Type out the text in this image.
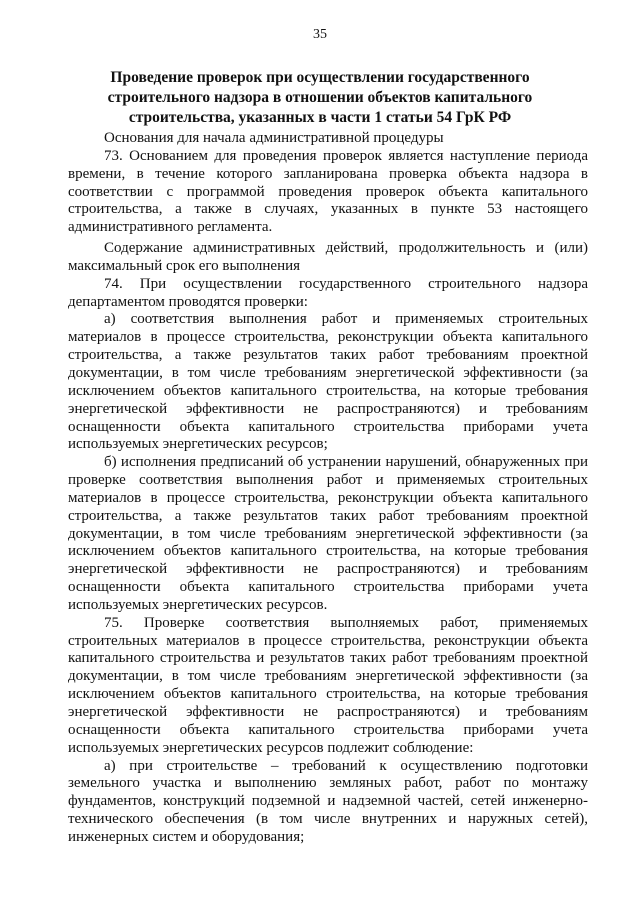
35
Проведение проверок при осуществлении государственного строительного надзора в отношении объектов капитального строительства, указанных в части 1 статьи 54 ГрК РФ

Основания для начала административной процедуры

73. Основанием для проведения проверок является наступление периода времени, в течение которого запланирована проверка объекта надзора в соответствии с программой проведения проверок объекта капитального строительства, а также в случаях, указанных в пункте 53 настоящего административного регламента.

Содержание административных действий, продолжительность и (или) максимальный срок его выполнения

74. При осуществлении государственного строительного надзора департаментом проводятся проверки:

а) соответствия выполнения работ и применяемых строительных материалов в процессе строительства, реконструкции объекта капитального строительства, а также результатов таких работ требованиям проектной документации, в том числе требованиям энергетической эффективности (за исключением объектов капитального строительства, на которые требования энергетической эффективности не распространяются) и требованиям оснащенности объекта капитального строительства приборами учета используемых энергетических ресурсов;

б) исполнения предписаний об устранении нарушений, обнаруженных при проверке соответствия выполнения работ и применяемых строительных материалов в процессе строительства, реконструкции объекта капитального строительства, а также результатов таких работ требованиям проектной документации, в том числе требованиям энергетической эффективности (за исключением объектов капитального строительства, на которые требования энергетической эффективности не распространяются) и требованиям оснащенности объекта капитального строительства приборами учета используемых энергетических ресурсов.

75. Проверке соответствия выполняемых работ, применяемых строительных материалов в процессе строительства, реконструкции объекта капитального строительства и результатов таких работ требованиям проектной документации, в том числе требованиям энергетической эффективности (за исключением объектов капитального строительства, на которые требования энергетической эффективности не распространяются) и требованиям оснащенности объекта капитального строительства приборами учета используемых энергетических ресурсов подлежит соблюдение:

а) при строительстве – требований к осуществлению подготовки земельного участка и выполнению земляных работ, работ по монтажу фундаментов, конструкций подземной и надземной частей, сетей инженерно-технического обеспечения (в том числе внутренних и наружных сетей), инженерных систем и оборудования;
